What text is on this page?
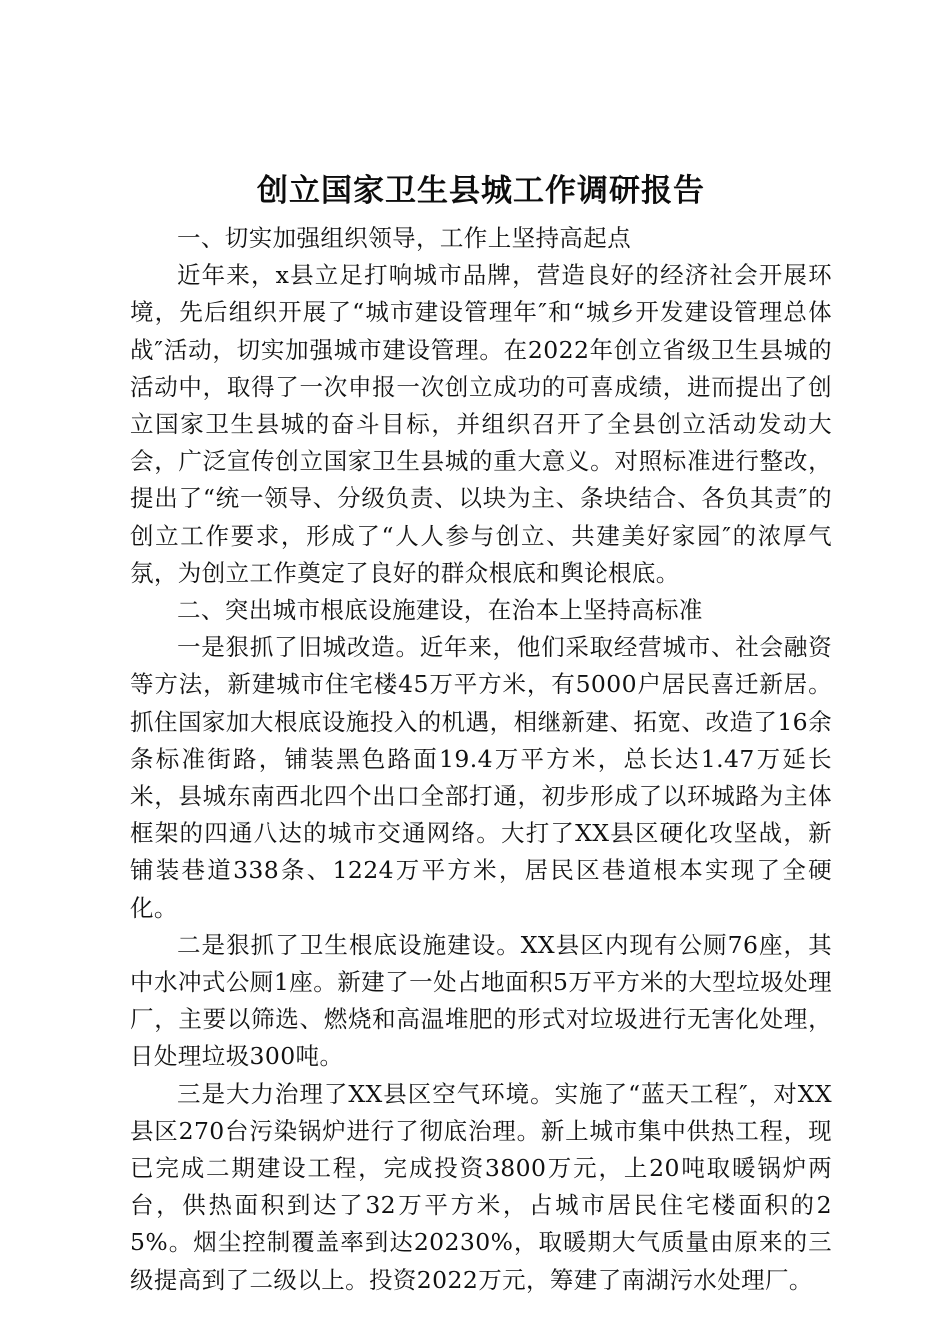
创立国家卫生县城工作调研报告

一、切实加强组织领导，工作上坚持高起点

近年来，x县立足打响城市品牌，营造良好的经济社会开展环境，先后组织开展了“城市建设管理年″和“城乡开发建设管理总体战″活动，切实加强城市建设管理。在2022年创立省级卫生县城的活动中，取得了一次申报一次创立成功的可喜成绩，进而提出了创立国家卫生县城的奋斗目标，并组织召开了全县创立活动发动大会，广泛宣传创立国家卫生县城的重大意义。对照标准进行整改，提出了“统一领导、分级负责、以块为主、条块结合、各负其责″的创立工作要求，形成了“人人参与创立、共建美好家园″的浓厚气氛，为创立工作奠定了良好的群众根底和舆论根底。

二、突出城市根底设施建设，在治本上坚持高标准

一是狠抓了旧城改造。近年来，他们采取经营城市、社会融资等方法，新建城市住宅楼45万平方米，有5000户居民喜迁新居。抓住国家加大根底设施投入的机遇，相继新建、拓宽、改造了16余条标准街路，铺装黑色路面19.4万平方米，总长达1.47万延长米，县城东南西北四个出口全部打通，初步形成了以环城路为主体框架的四通八达的城市交通网络。大打了XX县区硬化攻坚战，新铺装巷道338条、1224万平方米，居民区巷道根本实现了全硬化。

二是狠抓了卫生根底设施建设。XX县区内现有公厕76座，其中水冲式公厕1座。新建了一处占地面积5万平方米的大型垃圾处理厂，主要以筛选、燃烧和高温堆肥的形式对垃圾进行无害化处理，日处理垃圾300吨。

三是大力治理了XX县区空气环境。实施了“蓝天工程″，对XX县区270台污染锅炉进行了彻底治理。新上城市集中供热工程，现已完成二期建设工程，完成投资3800万元，上20吨取暖锅炉两台，供热面积到达了32万平方米，占城市居民住宅楼面积的25%。烟尘控制覆盖率到达20230%，取暖期大气质量由原来的三级提高到了二级以上。投资2022万元，筹建了南湖污水处理厂。
